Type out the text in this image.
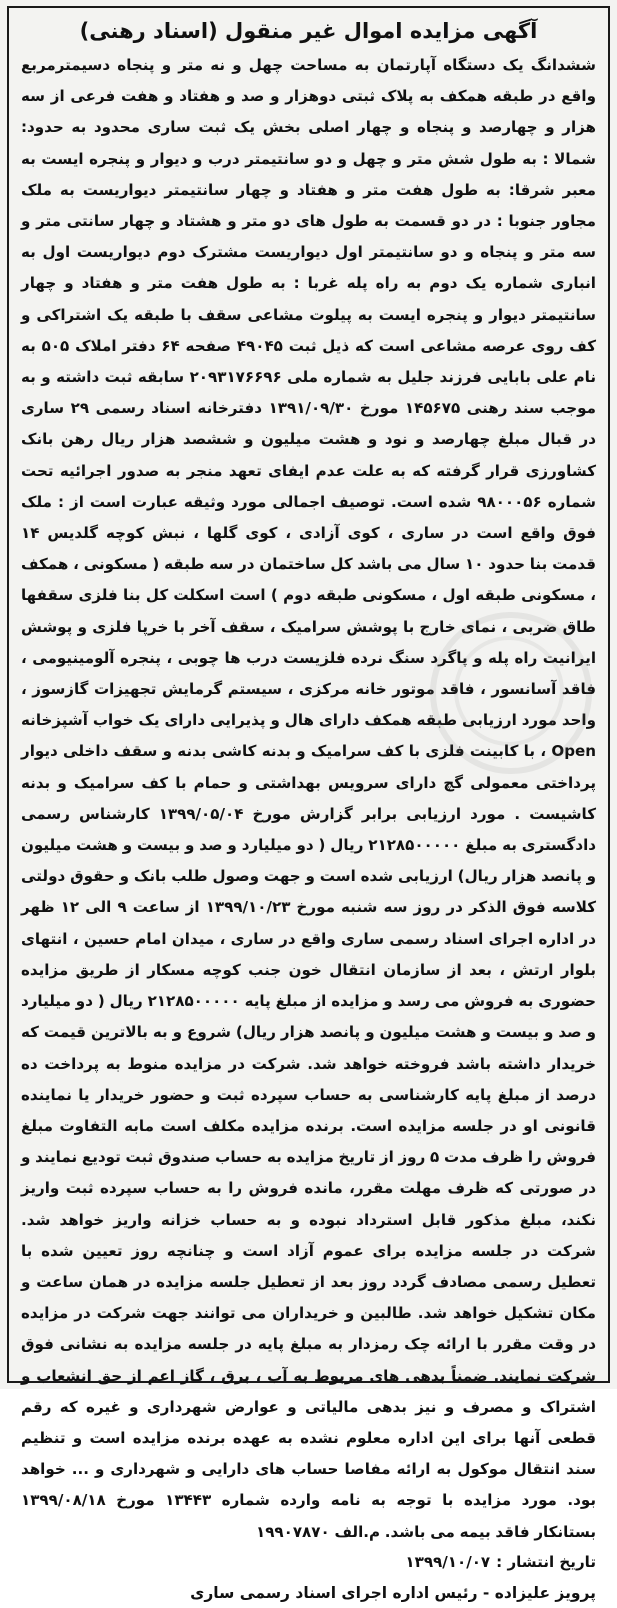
آگهی مزایده اموال غیر منقول (اسناد رهنی)

ششدانگ یک دستگاه آپارتمان به مساحت چهل و نه متر و پنجاه دسیمترمربع واقع در طبقه همکف به پلاک ثبتی دوهزار و صد و هفتاد و هفت فرعی از سه هزار و چهارصد و پنجاه و چهار اصلی بخش یک ثبت ساری محدود به حدود: شمالا : به طول شش متر و چهل و دو سانتیمتر درب و دیوار و پنجره ایست به معبر شرقا: به طول هفت متر و هفتاد و چهار سانتیمتر دیواریست به ملک مجاور جنوبا : در دو قسمت به طول های دو متر و هشتاد و چهار سانتی متر و سه متر و پنجاه و دو سانتیمتر اول دیواریست مشترک دوم دیواریست اول به انباری شماره یک دوم به راه پله غربا : به طول هفت متر و هفتاد و چهار سانتیمتر دیوار و پنجره ایست به پیلوت مشاعی سقف با طبقه یک اشتراکی و کف روی عرصه مشاعی است که ذیل ثبت ۴۹۰۴۵ صفحه ۶۴ دفتر املاک ۵۰۵ به نام علی بابایی فرزند جلیل به شماره ملی ۲۰۹۳۱۷۶۶۹۶ سابقه ثبت داشته و به موجب سند رهنی ۱۴۵۶۷۵ مورخ ۱۳۹۱/۰۹/۳۰ دفترخانه اسناد رسمی ۲۹ ساری در قبال مبلغ چهارصد و نود و هشت میلیون و ششصد هزار ریال رهن بانک کشاورزی قرار گرفته که به علت عدم ایفای تعهد منجر به صدور اجرائیه تحت شماره ۹۸۰۰۰۵۶ شده است. توصیف اجمالی مورد وثیقه عبارت است از : ملک فوق واقع است در ساری ، کوی آزادی ، کوی گلها ، نبش کوچه گلدیس ۱۴ قدمت بنا حدود ۱۰ سال می باشد کل ساختمان در سه طبقه ( مسکونی ، همکف ، مسکونی طبقه اول ، مسکونی طبقه دوم ) است اسکلت کل بنا فلزی سقفها طاق ضربی ، نمای خارج با پوشش سرامیک ، سقف آخر با خرپا فلزی و پوشش ایرانیت راه پله و پاگرد سنگ نرده فلزیست درب ها چوبی ، پنجره آلومینیومی ، فاقد آسانسور ، فاقد موتور خانه مرکزی ، سیستم گرمایش تجهیزات گازسوز ، واحد مورد ارزیابی طبقه همکف دارای هال و پذیرایی دارای یک خواب آشپزخانه Open ، با کابینت فلزی با کف سرامیک و بدنه کاشی بدنه و سقف داخلی دیوار پرداختی معمولی گچ دارای سرویس بهداشتی و حمام با کف سرامیک و بدنه کاشیست . مورد ارزیابی برابر گزارش مورخ ۱۳۹۹/۰۵/۰۴ کارشناس رسمی دادگستری به مبلغ ۲۱۲۸۵۰۰۰۰۰ ریال ( دو میلیارد و صد و بیست و هشت میلیون و پانصد هزار ریال) ارزیابی شده است و جهت وصول طلب بانک و حقوق دولتی کلاسه فوق الذکر در روز سه شنبه مورخ ۱۳۹۹/۱۰/۲۳ از ساعت ۹ الی ۱۲ ظهر در اداره اجرای اسناد رسمی ساری واقع در ساری ، میدان امام حسین ، انتهای بلوار ارتش ، بعد از سازمان انتقال خون جنب کوچه مسکار از طریق مزایده حضوری به فروش می رسد و مزایده از مبلغ پایه ۲۱۲۸۵۰۰۰۰۰ ریال ( دو میلیارد و صد و بیست و هشت میلیون و پانصد هزار ریال) شروع و به بالاترین قیمت که خریدار داشته باشد فروخته خواهد شد. شرکت در مزایده منوط به پرداخت ده درصد از مبلغ پایه کارشناسی به حساب سپرده ثبت و حضور خریدار یا نماینده قانونی او در جلسه مزایده است. برنده مزایده مکلف است مابه التفاوت مبلغ فروش را ظرف مدت ۵ روز از تاریخ مزایده به حساب صندوق ثبت تودیع نمایند و در صورتی که ظرف مهلت مقرر، مانده فروش را به حساب سپرده ثبت واریز نکند، مبلغ مذکور قابل استرداد نبوده و به حساب خزانه واریز خواهد شد. شرکت در جلسه مزایده برای عموم آزاد است و چنانچه روز تعیین شده با تعطیل رسمی مصادف گردد روز بعد از تعطیل جلسه مزایده در همان ساعت و مکان تشکیل خواهد شد. طالبین و خریداران می توانند جهت شرکت در مزایده در وقت مقرر با ارائه چک رمزدار به مبلغ پایه در جلسه مزایده به نشانی فوق شرکت نمایند. ضمناً بدهی های مربوط به آب ، برق ، گاز اعم از حق انشعاب و اشتراک و مصرف و نیز بدهی مالیاتی و عوارض شهرداری و غیره که رقم قطعی آنها برای این اداره معلوم نشده به عهده برنده مزایده است و تنظیم سند انتقال موکول به ارائه مفاصا حساب های دارایی و شهرداری و ... خواهد بود. مورد مزایده با توجه به نامه وارده شماره ۱۳۴۴۳ مورخ ۱۳۹۹/۰۸/۱۸ بستانکار فاقد بیمه می باشد. م.الف ۱۹۹۰۷۸۷۰

تاریخ انتشار :۱۳۹۹/۱۰/۰۷

پرویز علیزاده - رئیس اداره اجرای اسناد رسمی ساری
